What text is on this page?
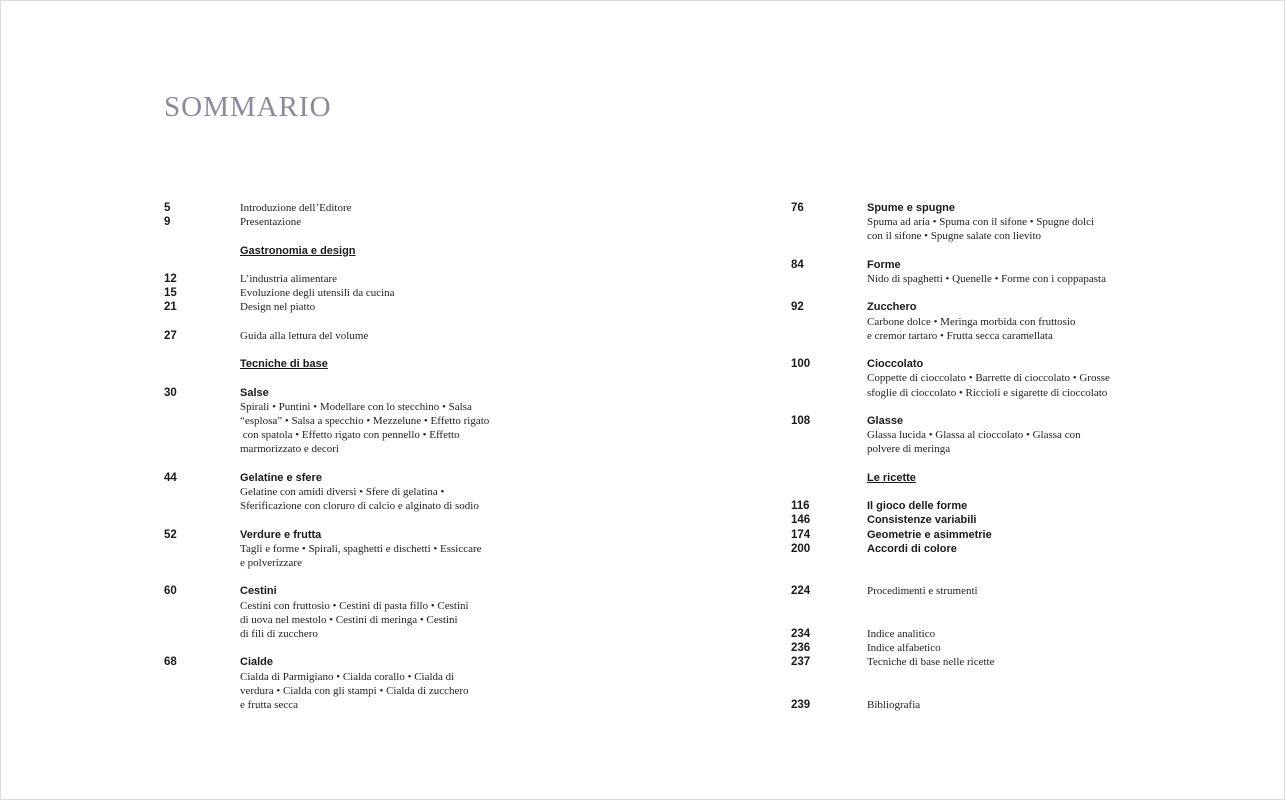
SOMMARIO
5	Introduzione dell’Editore
9	Presentazione
Gastronomia e design
12	L’industria alimentare
15	Evoluzione degli utensili da cucina
21	Design nel piatto
27	Guida alla lettura del volume
Tecniche di base
30	Salse
Spirali • Puntini • Modellare con lo stecchino • Salsa
“esplosa” • Salsa a specchio • Mezzelune • Effetto rigato
con spatola • Effetto rigato con pennello • Effetto
marmorizzato e decori
44	Gelatine e sfere
Gelatine con amidi diversi • Sfere di gelatina •
Sferificazione con cloruro di calcio e alginato di sodio
52	Verdure e frutta
Tagli e forme • Spirali, spaghetti e dischetti • Essiccare
e polverizzare
60	Cestini
Cestini con fruttosio • Cestini di pasta fillo • Cestini
di uova nel mestolo • Cestini di meringa • Cestini
di fili di zucchero
68	Cialde
Cialda di Parmigiano • Cialda corallo • Cialda di
verdura • Cialda con gli stampi • Cialda di zucchero
e frutta secca
76	Spume e spugne
Spuma ad aria • Spuma con il sifone • Spugne dolci
con il sifone • Spugne salate con lievito
84	Forme
Nido di spaghetti • Quenelle • Forme con i coppapasta
92	Zucchero
Carbone dolce • Meringa morbida con fruttosio
e cremor tartaro • Frutta secca caramellata
100	Cioccolato
Coppette di cioccolato • Barrette di cioccolato • Grosse
sfoglie di cioccolato • Riccioli e sigarette di cioccolato
108	Glasse
Glassa lucida • Glassa al cioccolato • Glassa con
polvere di meringa
Le ricette
116	Il gioco delle forme
146	Consistenze variabili
174	Geometrie e asimmetrie
200	Accordi di colore
224	Procedimenti e strumenti
234	Indice analitico
236	Indice alfabetico
237	Tecniche di base nelle ricette
239	Bibliografia
